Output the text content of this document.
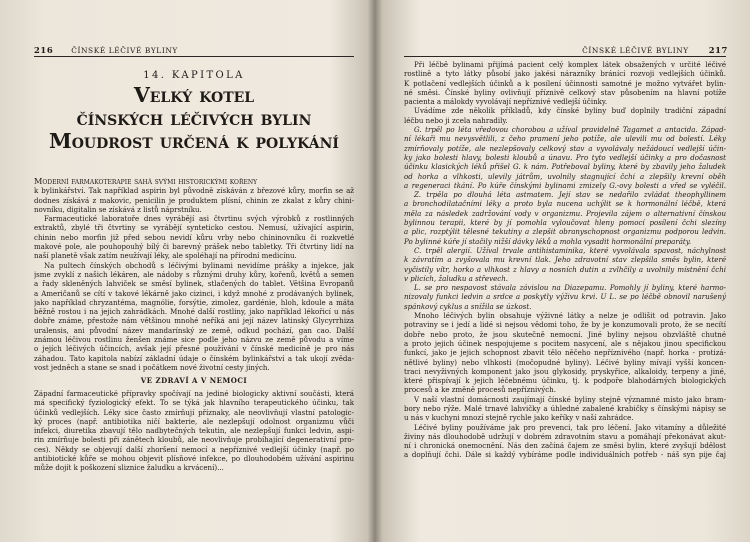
216 ČÍNSKÉ LÉČIVÉ BYLINY
14. KAPITOLA
Velký kotel
čínských léčivých bylin
Moudrost určená k polykání
Moderní farmakoterapie sahá svými historickými kořeny
k bylinkářství. Tak například aspirin byl původně získáván z březové kůry, morfin se až
dodnes získává z makovic, penicilin je produktem plísní, chinin ze zkalat z kůry chini-
novníku, digitalin se získává z listů náprstníku.
Farmaceutické laboratoře dnes vyrábějí asi čtvrtinu svých výrobků z rostlinných
extraktů, zbylé tři čtvrtiny se vyrábějí synteticko cestou. Nemusí, užívající aspirin,
chinin nebo morfin již před sebou nevidí kůru vrby nebo chininovníku či rozkvetlé
makové pole, ale pouhopouhý bílý či barevný prášek nebo tabletky. Tři čtvrtiny lidí na
naší planetě však zatím neužívají léky, ale spoléhají na přírodní medicínu.
Na pultech čínských obchodů s léčivými bylinami nevidíme prášky a injekce, jak
jsme zvyklí z našich lékáren, ale nádoby s různými druhy kůry, kořenů, květů a semen
a řady skleněných lahviček se směsí bylinek, stlačených do tablet. Většina Evropanů
a Američanů se cítí v takové lékárně jako cizinci, i když mnohé z prodávaných bylinek,
jako například chryzantéma, magnólie, forsýtie, zimolez, gardénie, hloh, kdoule a máta
běžně rostou i na jejich zahrádkách. Mnohé další rostliny, jako například lékořicí u nás
dobře známe, přestože nám většinou mnohé neříká ani její název latinský Glycyrrhiza
uralensis, ani původní název mandarínský ze země, odkud pochází, gan cao. Další
známou léčivou rostlinu ženšen známe sice podle jeho názvu ze země původu a víme
o jejích léčivých účincích, avšak její přesné používání v čínské medicíně je pro nás
záhadou. Tato kapitola nabízí základní údaje o čínském bylinkářství a tak ukojí zvěda-
vost jedněch a stane se snad i počátkem nové životní cesty jiných.
VE ZDRAVÍ A V NEMOCI
Západní farmaceutické přípravky spočívají na jediné biologicky aktivní součásti, která
má specifický fyziologický efekt. To se týká jak hlavního terapeutického účinku, tak
účinků vedlejších. Léky sice často zmírňují příznaky, ale neovlivňují vlastní patologic-
ký proces (např. antibiotika ničí bakterie, ale nezlepšují odolnost organizmu vůči
infekci, diuretika zbavují tělo nadbytečných tekutin, ale nezlepšují funkci ledvin, aspi-
rin zmírňuje bolesti při zánětech kloubů, ale neovlivňuje probíhající degenerativní pro-
ces). Někdy se objevují další zhoršení nemocí a nepříznivé vedlejší účinky (např. po
antibiotické kůře se mohou objevit plísňové infekce, po dlouhodobém užívání aspirinu
může dojít k poškození sliznice žaludku a krvácení)...
ČÍNSKÉ LÉČIVÉ BYLINY 217
Při léčbě bylinami přijímá pacient celý komplex látek obsažených v určité léčivé
rostlině a tyto látky působí jako jakési nárazníky bránící rozvoji vedlejších účinků.
K potlačení vedlejších účinků a k posílení účinnosti samotné je možno vytvářet bylin-
né směsi. Čínské byliny ovlivňují příznivě celkový stav působením na hlavní potíže
pacienta a málokdy vyvolávají nepříznivé vedlejší účinky.
Uvádíme zde několik příkladů, kdy čínské byliny buď doplnily tradiční západní
léčbu nebo ji zcela nahradily.
G. trpěl po léta vředovou chorobou a užíval pravidelně Tagamet a antacida. Západ-
ní lékaři mu nevysvětlili, z čeho pramení jeho potíže, ale ulevili mu od bolestí. Léky
zmírňovaly potíže, ale nezlepšovaly celkový stav a vyvolávaly nežádoucí vedlejší účin-
ky jako bolesti hlavy, bolesti kloubů a únavu. Pro tyto vedlejší účinky a pro dočasnost
účinku klasických léků přišel G. k nám. Potřeboval byliny, které by zbavily jeho žaludek
od horka a vlhkosti, ulevily játrům, uvolnily stagnující čchi a zlepšily krevní oběh
a regeneraci tkání. Po kúře čínskými bylinami zmizely G.-ovy bolesti a vřed se vyléčil.
Z. trpěla po dlouhá léta astmatem. Její stav se nedařilo zvládat theophyllinem
a bronchodilatačními léky a proto byla nucena uchýlit se k hormonální léčbě, která
měla za následek zadržování vody v organizmu. Projevila zájem o alternativní čínskou
bylinnou terapii, které by jí pomohla vyloučovat hleny pomocí posílení čchi slezíny
a plic, rozptýlit tělesné tekutiny a zlepšit obranyschopnost organizmu podporou ledvin.
Po bylinné kúře jí stačily nižší dávky léků a mohla vysadit hormonální preparáty.
C. trpěl alergií. Užíval trvale antihistaminika, které vyvolávala spavost, náchylnost
k závratím a zvyšovala mu krevní tlak. Jeho zdravotní stav zlepšila směs bylin, které
vyčistily vítr, horko a vlhkost z hlavy a nosních dutin a zvlhčily a uvolnily místnění čchi
v plicích, žaludku a střevech.
L. se pro nespavost stávala závislou na Diazepamu. Pomohly jí byliny, které harmo-
nizovaly funkci ledvin a srdce a poskytly výživu krvi. U L. se po léčbě obnovil narušený
spánkový cyklus a snížila se úzkost.
Mnoho léčivých bylin obsahuje výživné látky a nelze je odlišit od potravin. Jako
potraviny se i jedí a lidé si nejsou vědomi toho, že by je konzumovali proto, že se necítí
dobře nebo proto, že jsou skutečně nemocní. Jiné byliny nejsou obzvláště chutné
a proto jejich účinek nespojujeme s pocitem nasycení, ale s nějakou jinou specifickou
funkcí, jako je jejich schopnost zbavit tělo něčeho nepříznivého (např. horka - protizá-
nětlivé byliny) nebo vlhkosti (močopudné byliny). Léčivé byliny mívají vyšší koncen-
traci nevyživných komponent jako jsou glykosidy, pryskyřice, alkaloidy, terpeny a jiné,
které přispívají k jejich léčebnému účinku, tj. k podpoře blahodárných biologických
procesů a ke změně procesů nepříznivých.
V naší vlastní domácnosti zaujímají čínské byliny stejně významné místo jako bram-
bory nebo rýže. Malé trnavé lahvičky a úhledné zabalené krabičky s čínskými nápisy se
u nás v kuchyni mnozí stejně rychle jako keříky v naší zahrádce.
Léčivé byliny používáme jak pro prevenci, tak pro léčení. Jako vitamíny a důležité
živiny nás dlouhodobě udržují v dobrém zdravotním stavu a pomáhají překonávat akut-
ní i chronická onemocnění. Nás den začíná čajem ze směsi bylin, které zvyšují bdělost
a doplňují čchi. Dále si každý vybíráme podle individuálních potřeb - náš syn pije čaj
